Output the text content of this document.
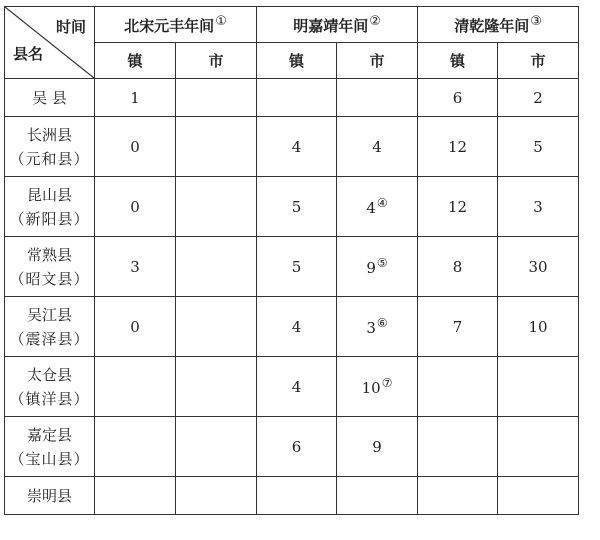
时间
县名	北宋元丰年间①		明嘉靖年间②		清乾隆年间③	
	镇	市	镇	市	镇	市
吴 县	1				6	2
长洲县
（元和县）	0		4	4	12	5
昆山县
（新阳县）	0		5	4④	12	3
常熟县
（昭文县）	3		5	9⑤	8	30
吴江县
（震泽县）	0		4	3⑥	7	10
太仓县
（镇洋县）			4	10⑦		
嘉定县
（宝山县）			6	9		
崇明县						
